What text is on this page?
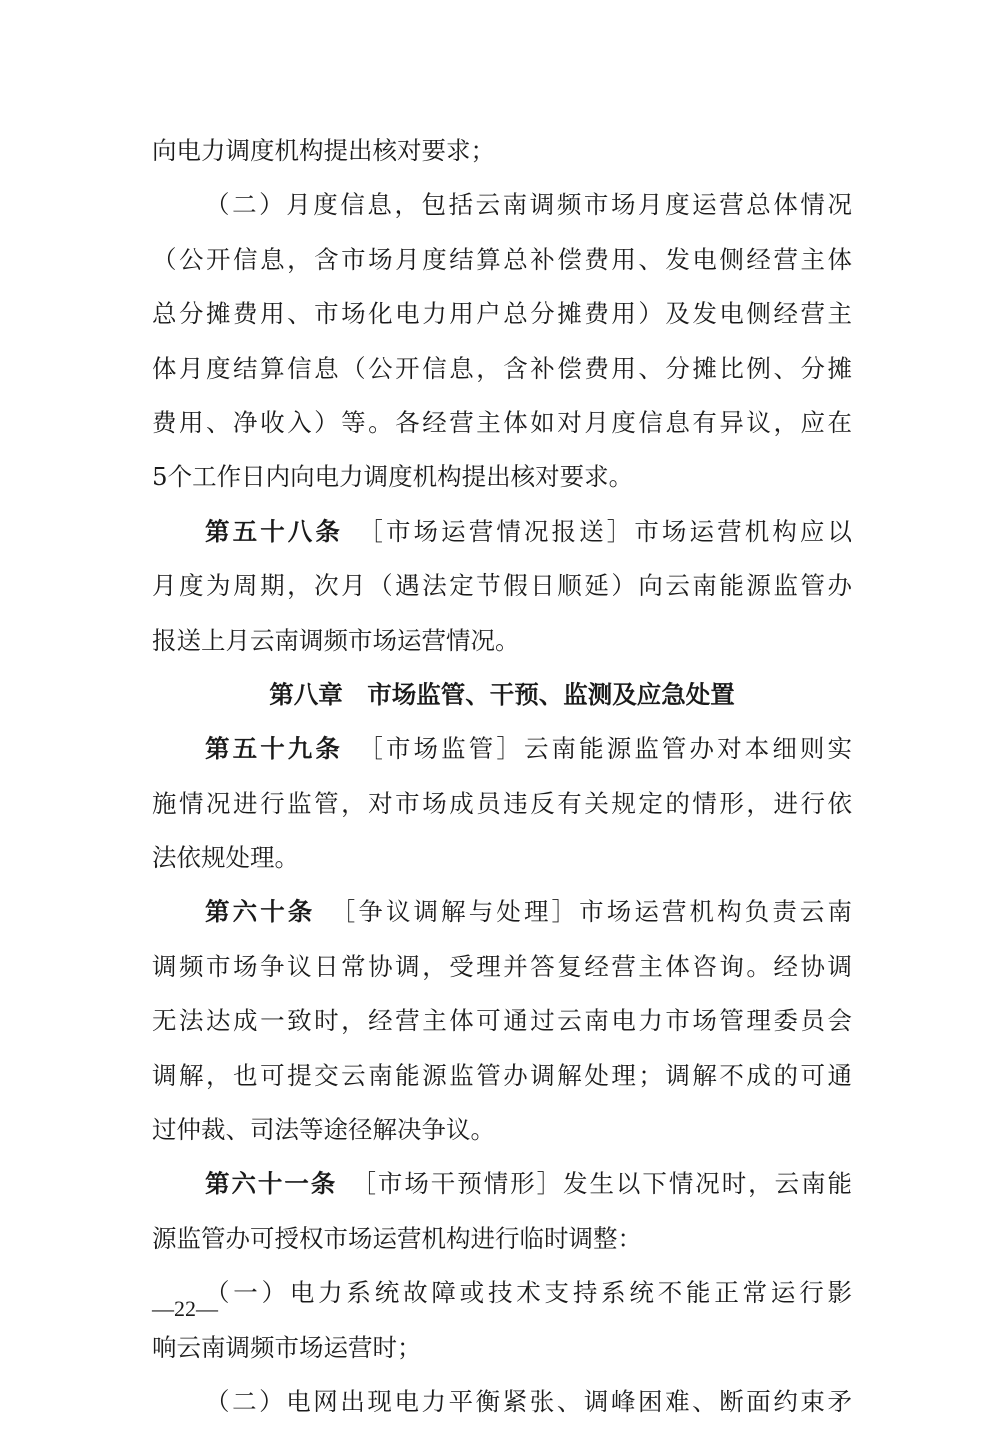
向电力调度机构提出核对要求；
（二）月度信息，包括云南调频市场月度运营总体情况
（公开信息，含市场月度结算总补偿费用、发电侧经营主体
总分摊费用、市场化电力用户总分摊费用）及发电侧经营主
体月度结算信息（公开信息，含补偿费用、分摊比例、分摊
费用、净收入）等。各经营主体如对月度信息有异议，应在
5个工作日内向电力调度机构提出核对要求。
第五十八条　 ［市场运营情况报送］市场运营机构应以
月度为周期，次月（遇法定节假日顺延）向云南能源监管办
报送上月云南调频市场运营情况。
第八章　市场监管、干预、监测及应急处置
第五十九条　 ［市场监管］云南能源监管办对本细则实
施情况进行监管，对市场成员违反有关规定的情形，进行依
法依规处理。
第六十条　 ［争议调解与处理］市场运营机构负责云南
调频市场争议日常协调，受理并答复经营主体咨询。经协调
无法达成一致时，经营主体可通过云南电力市场管理委员会
调解，也可提交云南能源监管办调解处理；调解不成的可通
过仲裁、司法等途径解决争议。
第六十一条　 ［市场干预情形］发生以下情况时，云南能
源监管办可授权市场运营机构进行临时调整：
（一）电力系统故障或技术支持系统不能正常运行影
响云南调频市场运营时；
（二）电网出现电力平衡紧张、调峰困难、断面约束矛
—22—
